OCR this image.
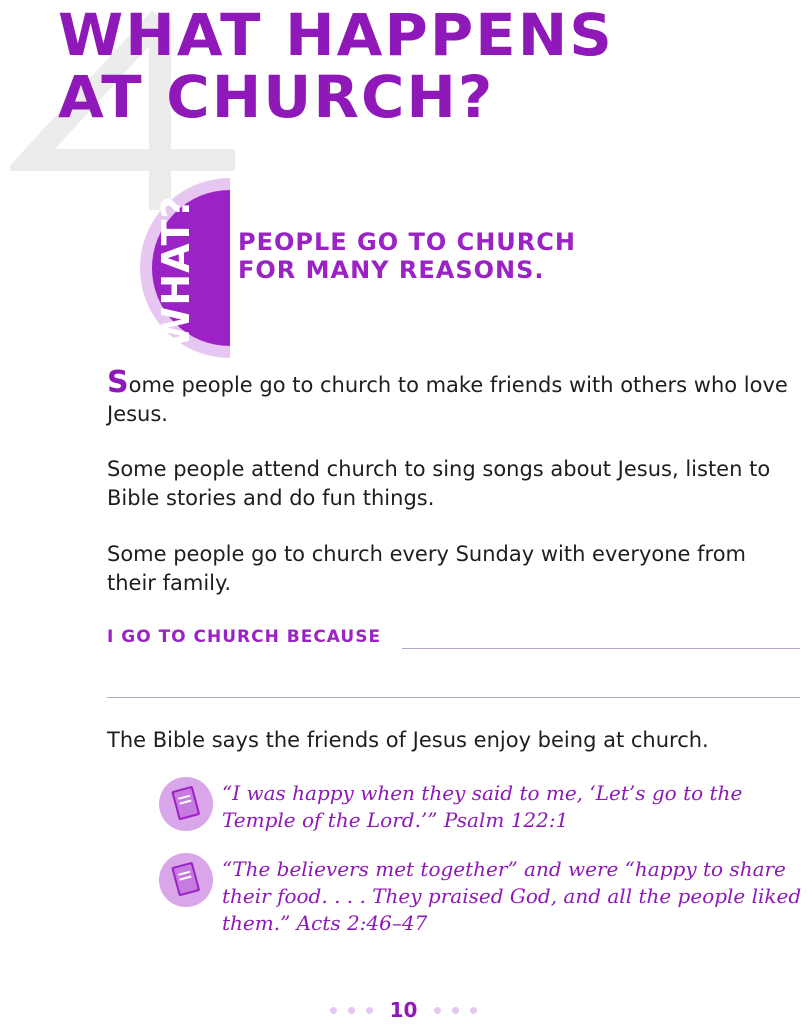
WHAT HAPPENS
AT CHURCH?
WHAT? PEOPLE GO TO CHURCH
FOR MANY REASONS.

Some people go to church to make friends with others who love Jesus.

Some people attend church to sing songs about Jesus, listen to Bible stories and do fun things.

Some people go to church every Sunday with everyone from their family.

I GO TO CHURCH BECAUSE

The Bible says the friends of Jesus enjoy being at church.

“I was happy when they said to me, ‘Let’s go to the Temple of the Lord.’” Psalm 122:1

“The believers met together” and were “happy to share their food. . . . They praised God, and all the people liked them.” Acts 2:46–47

10
